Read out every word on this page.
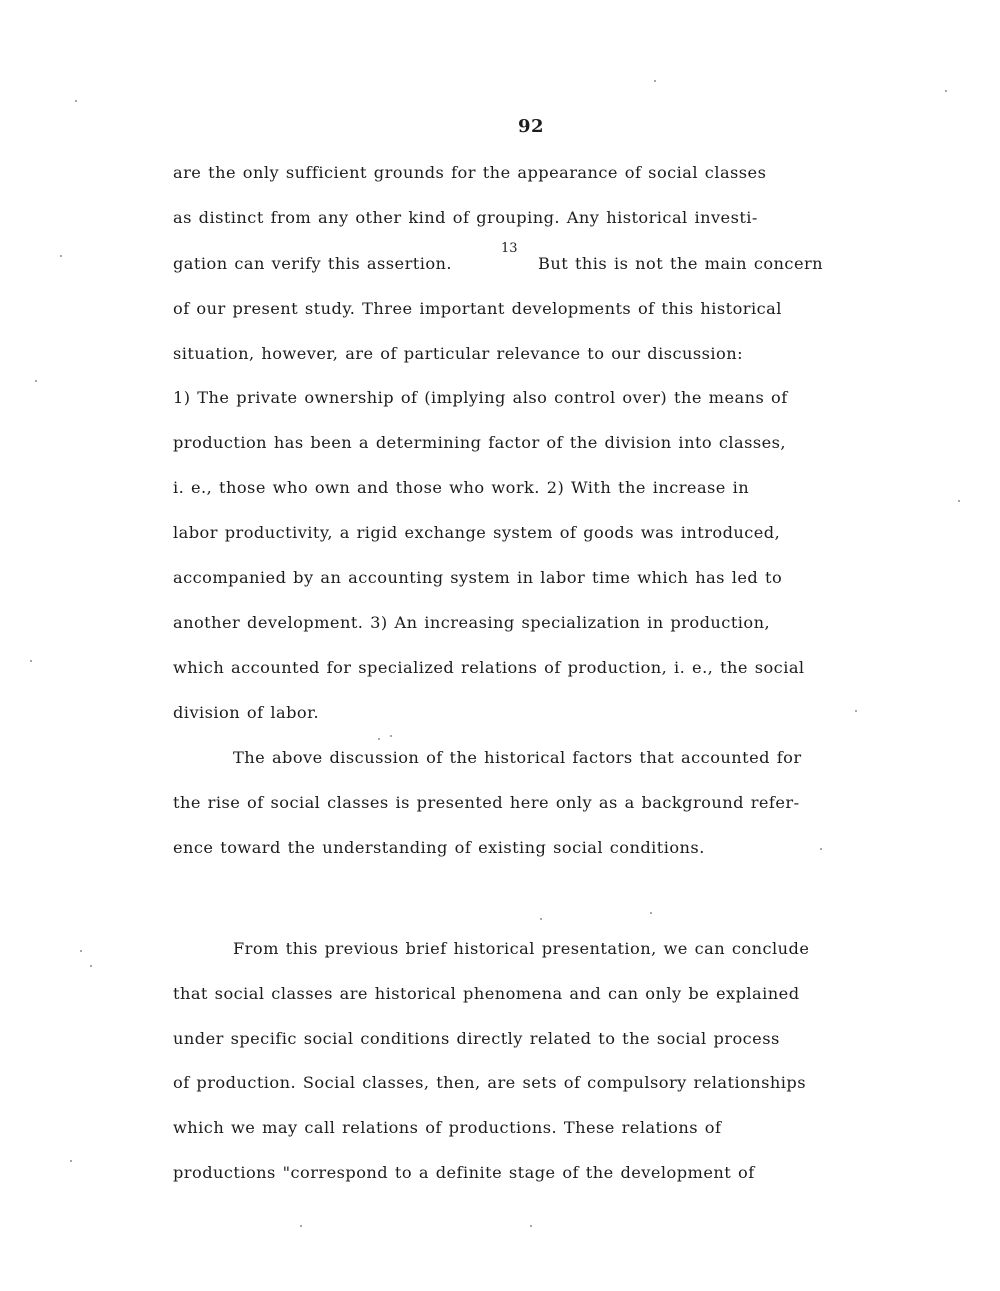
92
are the only sufficient grounds for the appearance of social classes
as distinct from any other kind of grouping. Any historical investi-
gation can verify this assertion.
13
But this is not the main concern
of our present study. Three important developments of this historical
situation, however, are of particular relevance to our discussion:
1) The private ownership of (implying also control over) the means of
production has been a determining factor of the division into classes,
i. e., those who own and those who work. 2) With the increase in
labor productivity, a rigid exchange system of goods was introduced,
accompanied by an accounting system in labor time which has led to
another development. 3) An increasing specialization in production,
which accounted for specialized relations of production, i. e., the social
division of labor.
The above discussion of the historical factors that accounted for
the rise of social classes is presented here only as a background refer-
ence toward the understanding of existing social conditions.
From this previous brief historical presentation, we can conclude
that social classes are historical phenomena and can only be explained
under specific social conditions directly related to the social process
of production. Social classes, then, are sets of compulsory relationships
which we may call relations of productions. These relations of
productions "correspond to a definite stage of the development of
